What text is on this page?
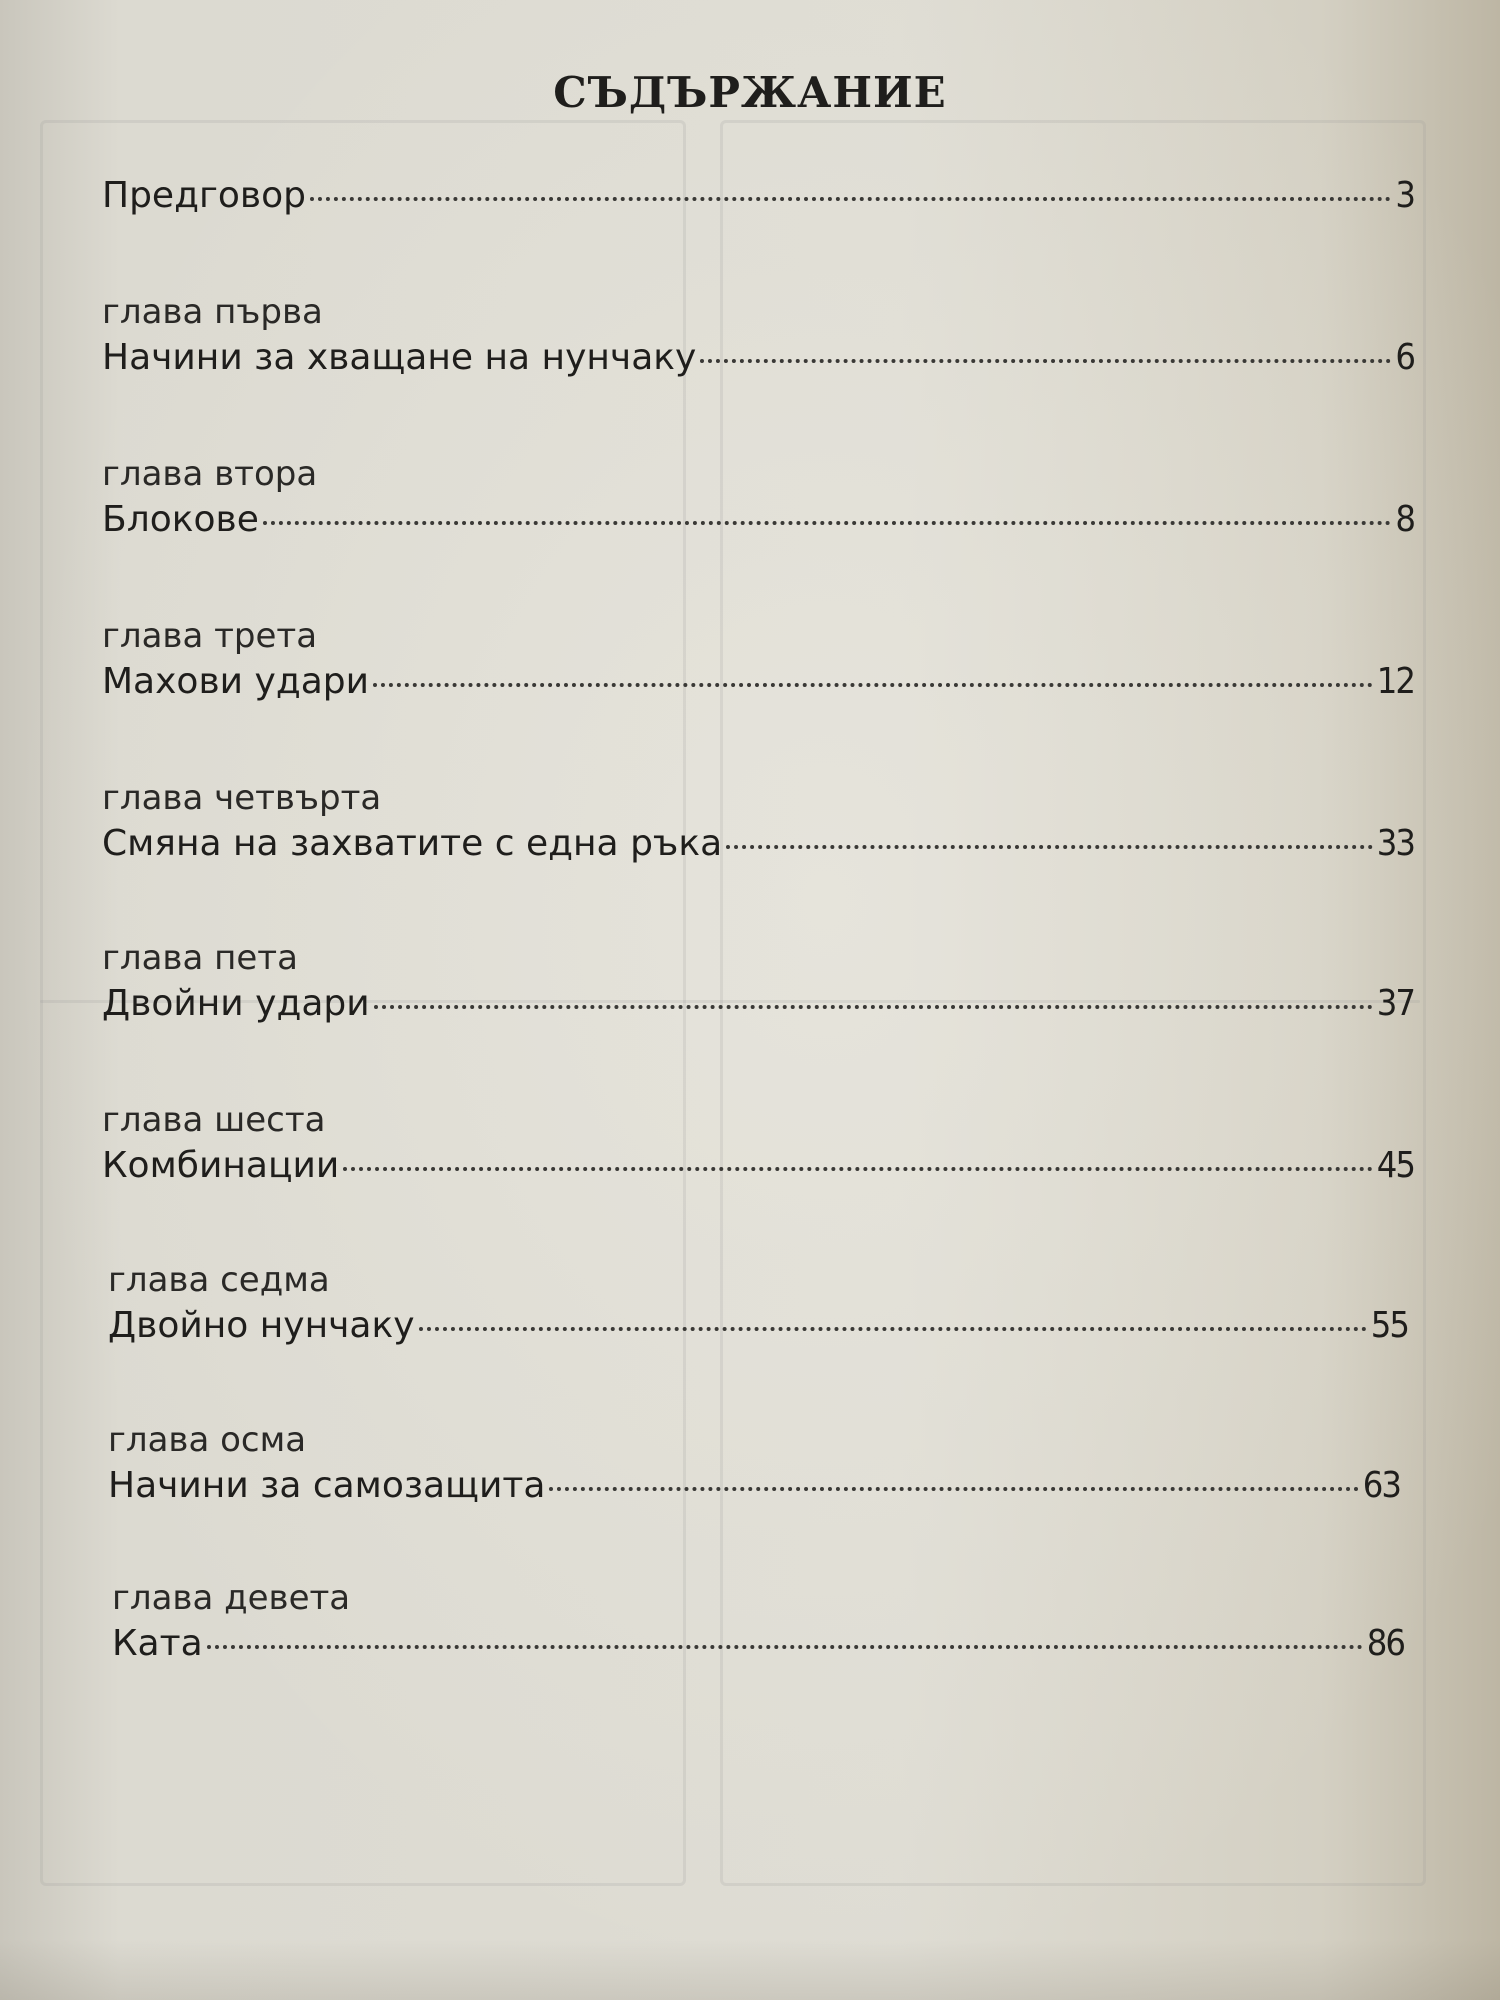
СЪДЪРЖАНИЕ
Предговор	3
глава първа
Начини за хващане на нунчаку	6
глава втора
Блокове	8
глава трета
Махови удари	12
глава четвърта
Смяна на захватите с една ръка	33
глава пета
Двойни удари	37
глава шеста
Комбинации	45
глава седма
Двойно нунчаку	55
глава осма
Начини за самозащита	63
глава девета
Ката	86
